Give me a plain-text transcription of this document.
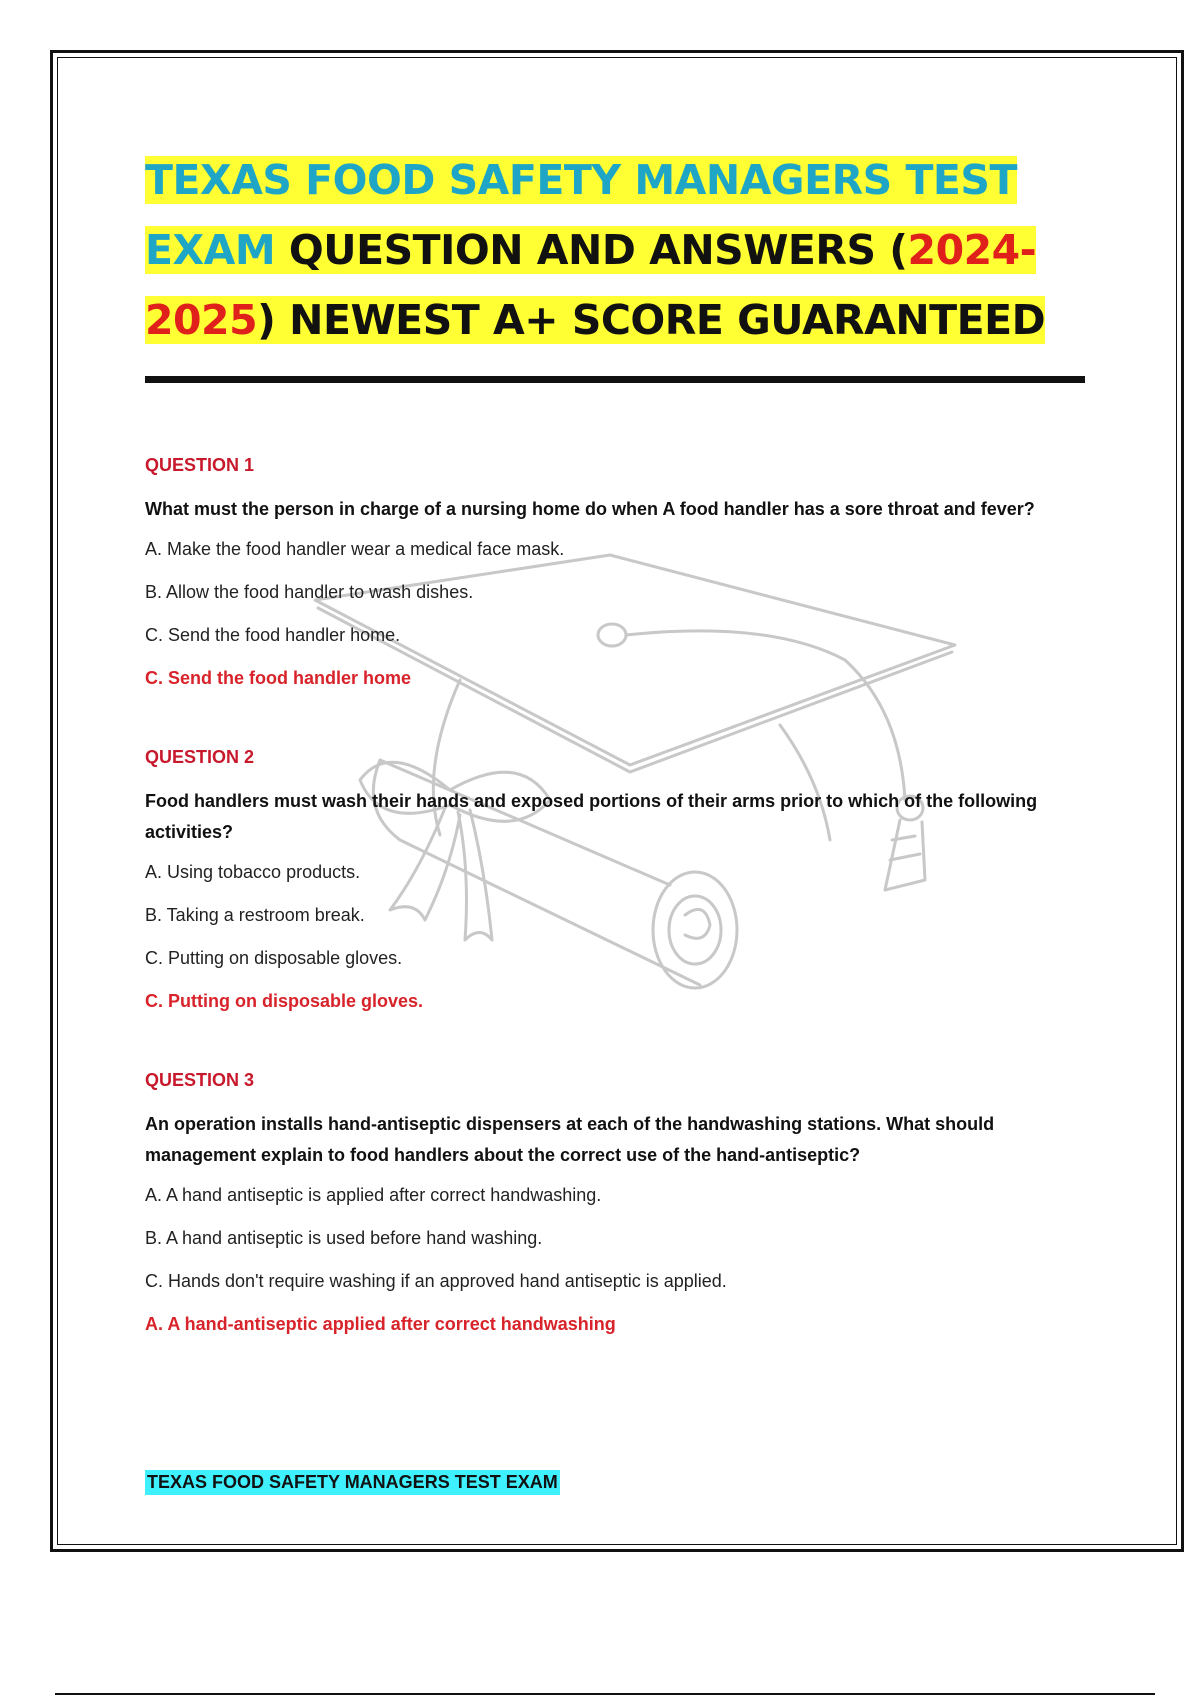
TEXAS FOOD SAFETY MANAGERS TEST
EXAM QUESTION AND ANSWERS (2024-
2025) NEWEST A+ SCORE GUARANTEED

QUESTION 1

What must the person in charge of a nursing home do when A food handler has a sore throat and fever?

A. Make the food handler wear a medical face mask.

B. Allow the food handler to wash dishes.

C. Send the food handler home.

C. Send the food handler home

QUESTION 2

Food handlers must wash their hands and exposed portions of their arms prior to which of the following activities?

A. Using tobacco products.

B. Taking a restroom break.

C. Putting on disposable gloves.

C. Putting on disposable gloves.

QUESTION 3

An operation installs hand-antiseptic dispensers at each of the handwashing stations. What should management explain to food handlers about the correct use of the hand-antiseptic?

A. A hand antiseptic is applied after correct handwashing.

B. A hand antiseptic is used before hand washing.

C. Hands don't require washing if an approved hand antiseptic is applied.

A. A hand-antiseptic applied after correct handwashing

TEXAS FOOD SAFETY MANAGERS TEST EXAM
